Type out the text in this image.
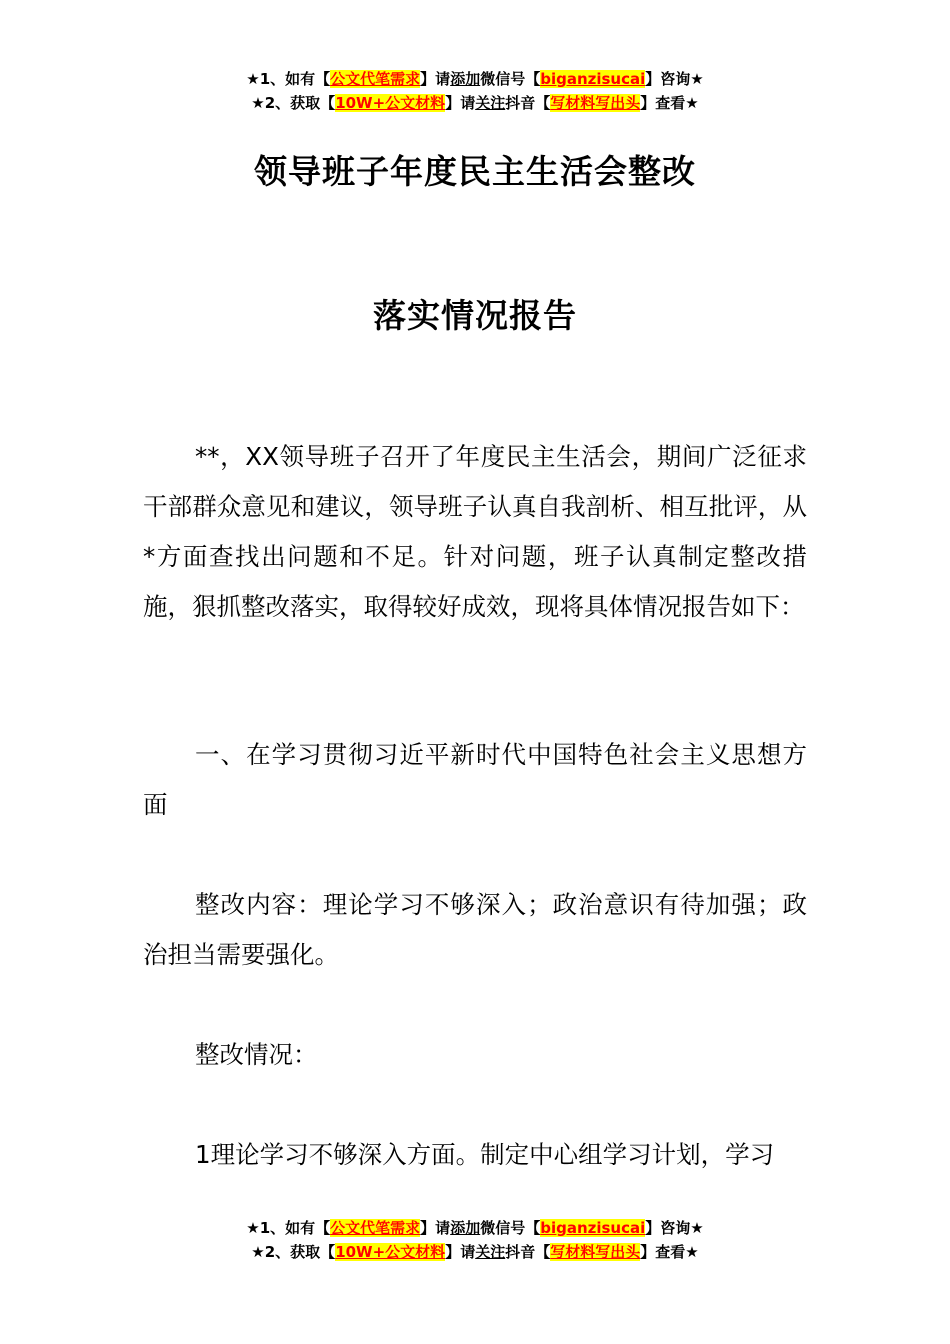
★1、如有【公文代笔需求】请添加微信号【biganzisucai】咨询★
★2、获取【10W+公文材料】请关注抖音【写材料写出头】查看★
领导班子年度民主生活会整改
落实情况报告

**，XX领导班子召开了年度民主生活会，期间广泛征求干部群众意见和建议，领导班子认真自我剖析、相互批评，从*方面查找出问题和不足。针对问题，班子认真制定整改措施，狠抓整改落实，取得较好成效，现将具体情况报告如下：

一、在学习贯彻习近平新时代中国特色社会主义思想方面

整改内容：理论学习不够深入；政治意识有待加强；政治担当需要强化。

整改情况：

1理论学习不够深入方面。制定中心组学习计划，学习

★1、如有【公文代笔需求】请添加微信号【biganzisucai】咨询★
★2、获取【10W+公文材料】请关注抖音【写材料写出头】查看★
